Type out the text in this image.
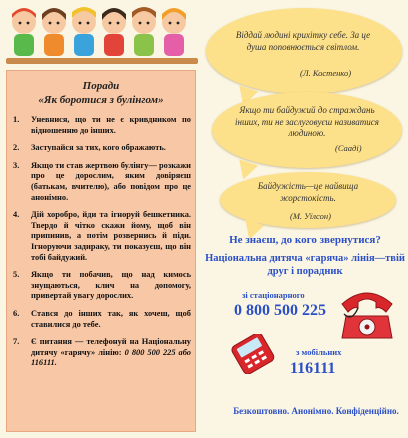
Поради
«Як боротися з булінгом»
1.	Уневнися, що ти не є кривдником по відношенню до інших.
2.	Заступайся за тих, кого ображають.
3.	Якщо ти став жертвою булінгу— розкажи про це дорослим, яким довіряєш (батькам, вчителю), або повідом про це анонімно.
4.	Дій хоробро, йди та ігноруй бешкетника. Твердо й чітко скажи йому, щоб він припинив, а потім розвернись й піди. Ігноруючи задираку, ти показуєш, що він тобі байдужий.
5.	Якщо ти побачив, що над кимось знущаються, клич на допомогу, привертай увагу дорослих.
6.	Стався до інших так, як хочеш, щоб ставилися до тебе.
7.	Є питання — телефонуй на Національну дитячу «гарячу» лінію: 0 800 500 225 або 116111.
Віддай людині крихітку себе. За це душа поповнюється світлом.
(Л. Костенко)
Якщо ти байдужий до страждань інших, ти не заслуговуєш називатися людиною.
(Сааді)
Байдужість—це найвища жорстокість.
(М. Уїлсон)
Не знаєш, до кого звернутися?
Національна дитяча «гаряча» лінія—твій друг і порадник
зі стаціонарного
0 800 500 225
з мобільних
116111
Безкоштовно. Анонімно. Конфіденційно.
